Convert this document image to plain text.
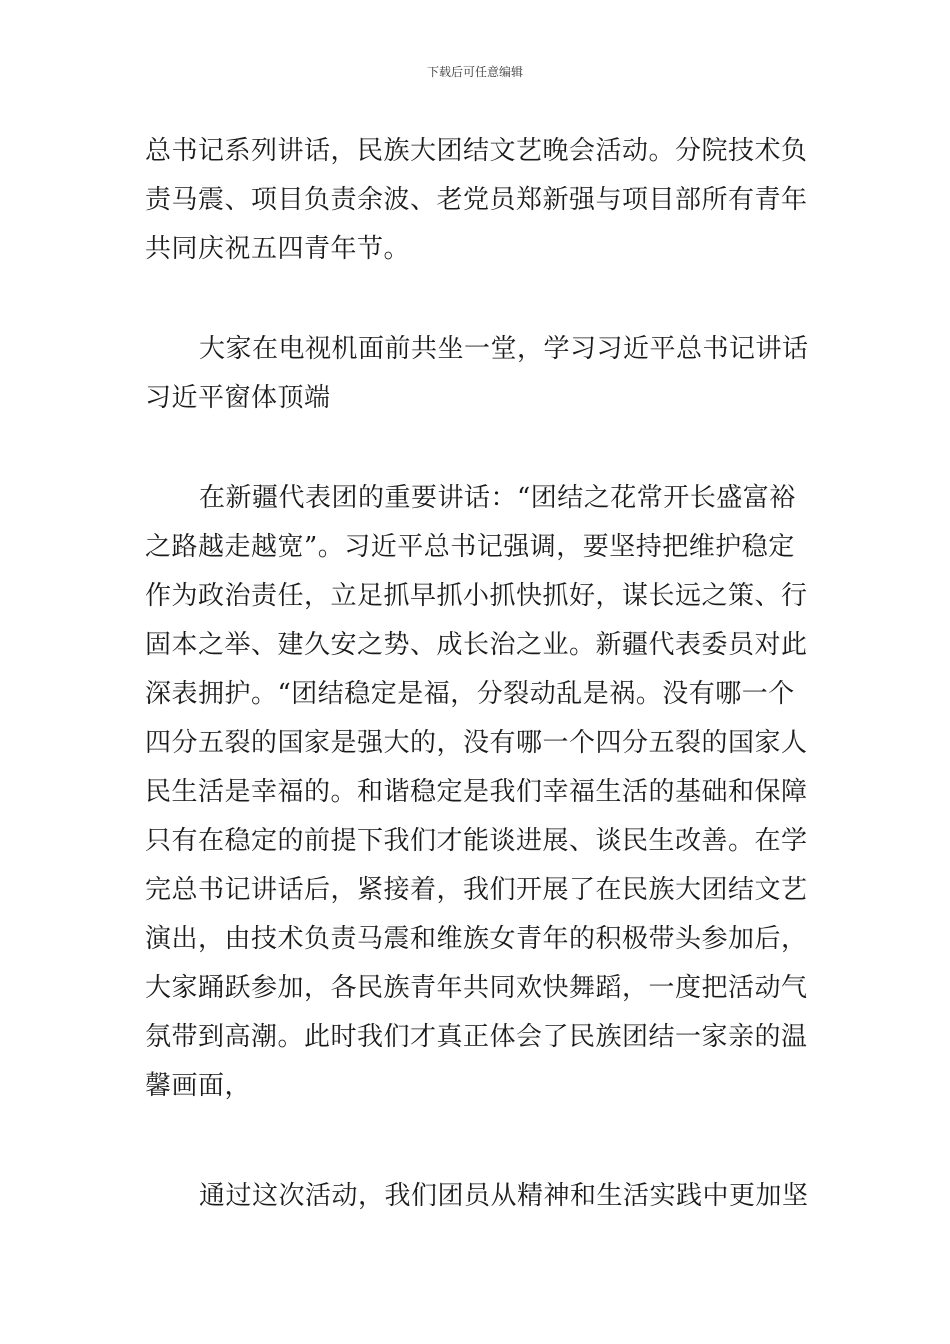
下载后可任意编辑
总书记系列讲话，民族大团结文艺晚会活动。分院技术负
责马震、项目负责余波、老党员郑新强与项目部所有青年
共同庆祝五四青年节。
大家在电视机面前共坐一堂，学习习近平总书记讲话
习近平窗体顶端
在新疆代表团的重要讲话：“团结之花常开长盛富裕
之路越走越宽”。习近平总书记强调，要坚持把维护稳定
作为政治责任，立足抓早抓小抓快抓好，谋长远之策、行
固本之举、建久安之势、成长治之业。新疆代表委员对此
深表拥护。“团结稳定是福，分裂动乱是祸。没有哪一个
四分五裂的国家是强大的，没有哪一个四分五裂的国家人
民生活是幸福的。和谐稳定是我们幸福生活的基础和保障
只有在稳定的前提下我们才能谈进展、谈民生改善。在学
完总书记讲话后，紧接着，我们开展了在民族大团结文艺
演出，由技术负责马震和维族女青年的积极带头参加后，
大家踊跃参加，各民族青年共同欢快舞蹈，一度把活动气
氛带到高潮。此时我们才真正体会了民族团结一家亲的温
馨画面，
通过这次活动，我们团员从精神和生活实践中更加坚
